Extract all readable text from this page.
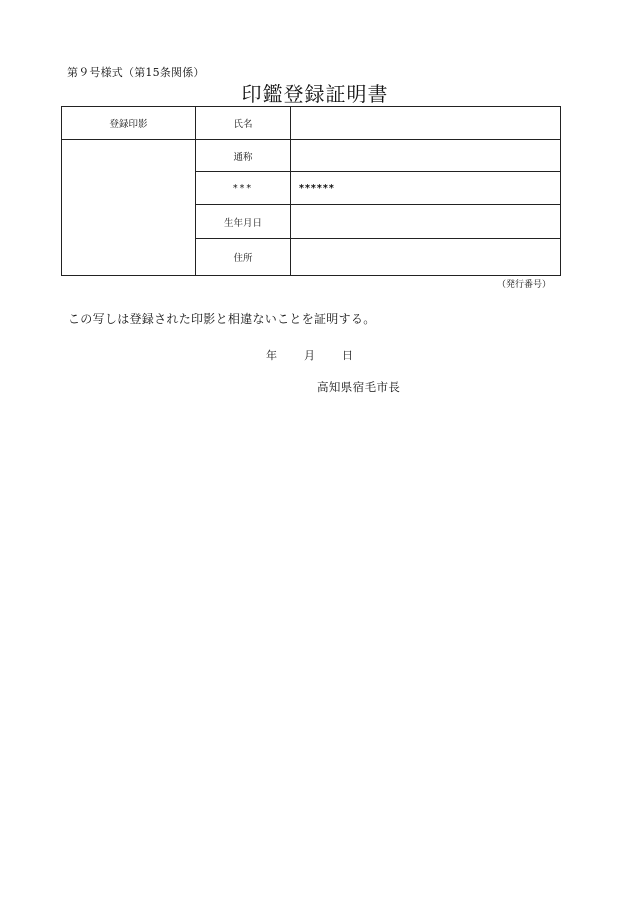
第９号様式（第15条関係）
印鑑登録証明書
登録印影	氏名	
	通称	
	***	******
	生年月日	
	住所	
（発行番号）
この写しは登録された印影と相違ないことを証明する。
年 月 日
高知県宿毛市長
